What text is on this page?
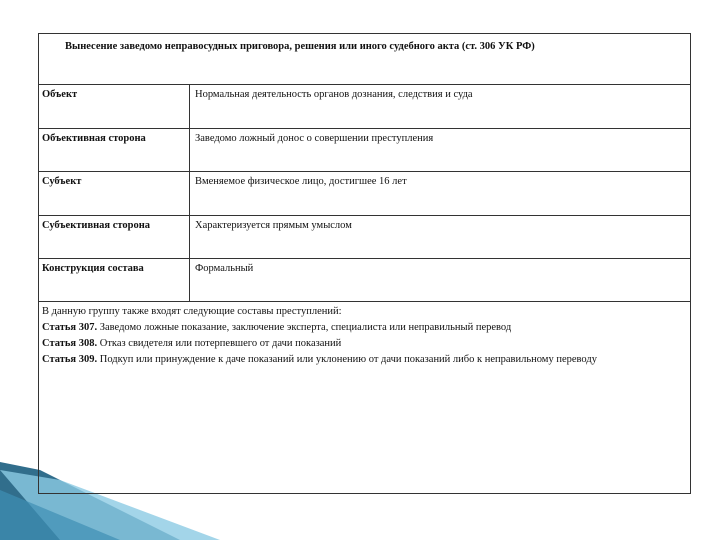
Вынесение заведомо неправосудных приговора, решения или иного судебного акта (ст. 306 УК РФ)
Объект	Нормальная деятельность органов дознания, следствия и суда
Объективная сторона	Заведомо ложный донос о совершении преступления
Субъект	Вменяемое физическое лицо, достигшее 16 лет
Субъективная сторона	Характеризуется прямым умыслом
Конструкция состава	Формальный
В данную группу также входят следующие составы преступлений:
Статья 307. Заведомо ложные показание, заключение эксперта, специалиста или неправильный перевод
Статья 308. Отказ свидетеля или потерпевшего от дачи показаний
Статья 309. Подкуп или принуждение к даче показаний или уклонению от дачи показаний либо к неправильному переводу
